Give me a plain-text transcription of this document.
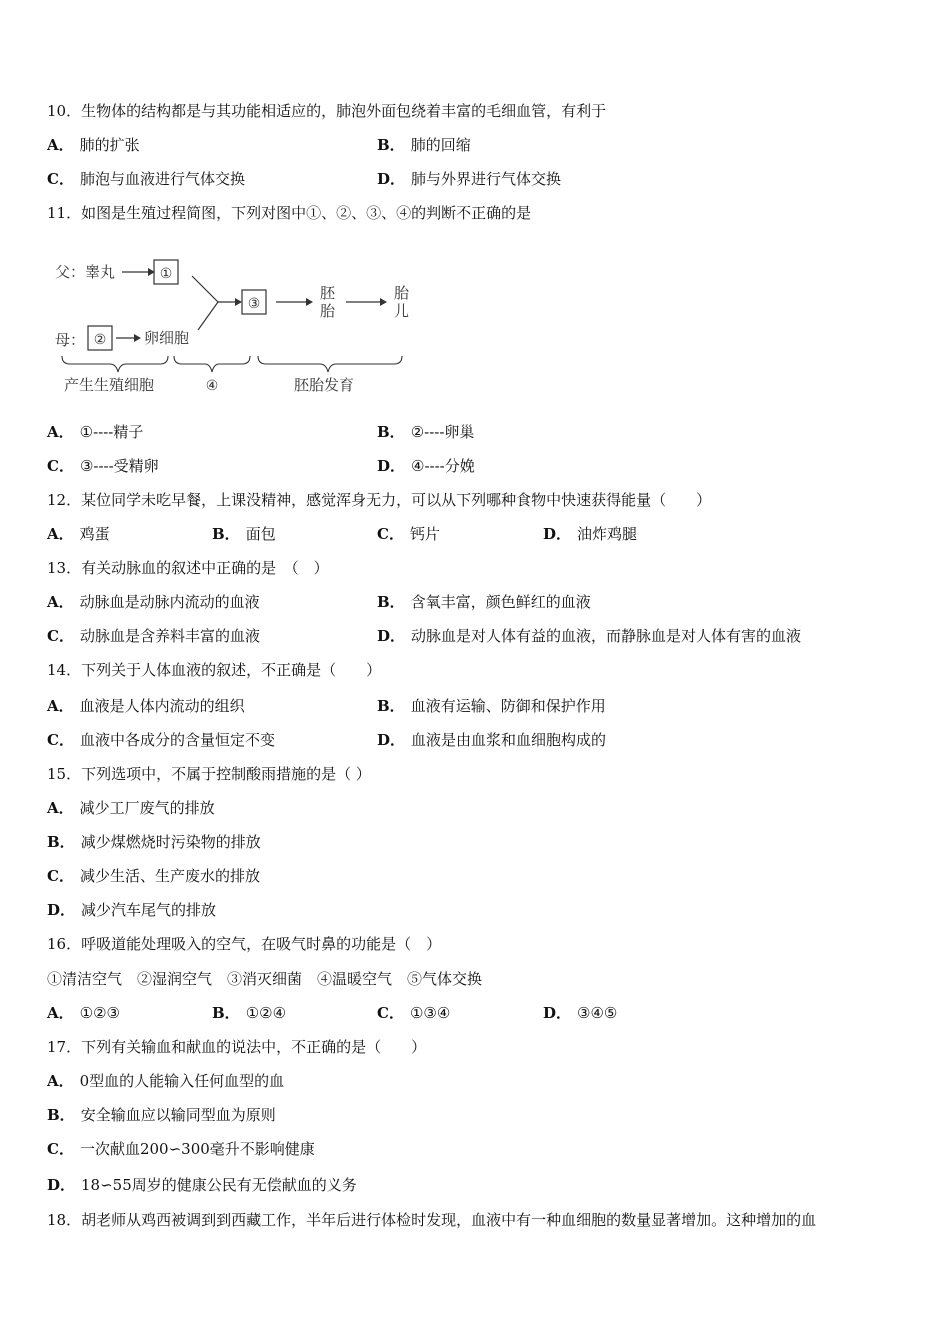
10．生物体的结构都是与其功能相适应的，肺泡外面包绕着丰富的毛细血管，有利于
A． 肺的扩张	B． 肺的回缩
C． 肺泡与血液进行气体交换	D． 肺与外界进行气体交换
11．如图是生殖过程简图，下列对图中①、②、③、④的判断不正确的是
父：睾丸	①
③
胚
胎
胎
儿
母： ②	卵细胞
产生生殖细胞	④	胚胎发育
A． ①----精子	B． ②----卵巢
C． ③----受精卵	D． ④----分娩
12．某位同学未吃早餐，上课没精神，感觉浑身无力，可以从下列哪种食物中快速获得能量（　　）
A． 鸡蛋	B． 面包	C． 钙片	D． 油炸鸡腿
13．有关动脉血的叙述中正确的是　（　）
A． 动脉血是动脉内流动的血液	B． 含氧丰富，颜色鲜红的血液
C． 动脉血是含养料丰富的血液	D． 动脉血是对人体有益的血液，而静脉血是对人体有害的血液
14．下列关于人体血液的叙述，不正确是（　　）
A． 血液是人体内流动的组织	B． 血液有运输、防御和保护作用
C． 血液中各成分的含量恒定不变	D． 血液是由血浆和血细胞构成的
15．下列选项中，不属于控制酸雨措施的是（ ）
A． 减少工厂废气的排放
B． 减少煤燃烧时污染物的排放
C． 减少生活、生产废水的排放
D． 减少汽车尾气的排放
16．呼吸道能处理吸入的空气，在吸气时鼻的功能是（　）
①清洁空气　②湿润空气　③消灭细菌　④温暖空气　⑤气体交换
A． ①②③	B． ①②④	C． ①③④	D． ③④⑤
17．下列有关输血和献血的说法中，不正确的是（　　）
A． 0型血的人能输入任何血型的血
B． 安全输血应以输同型血为原则
C． 一次献血200∽300毫升不影响健康
D． 18∽55周岁的健康公民有无偿献血的义务
18．胡老师从鸡西被调到到西藏工作，半年后进行体检时发现，血液中有一种血细胞的数量显著增加。这种增加的血
